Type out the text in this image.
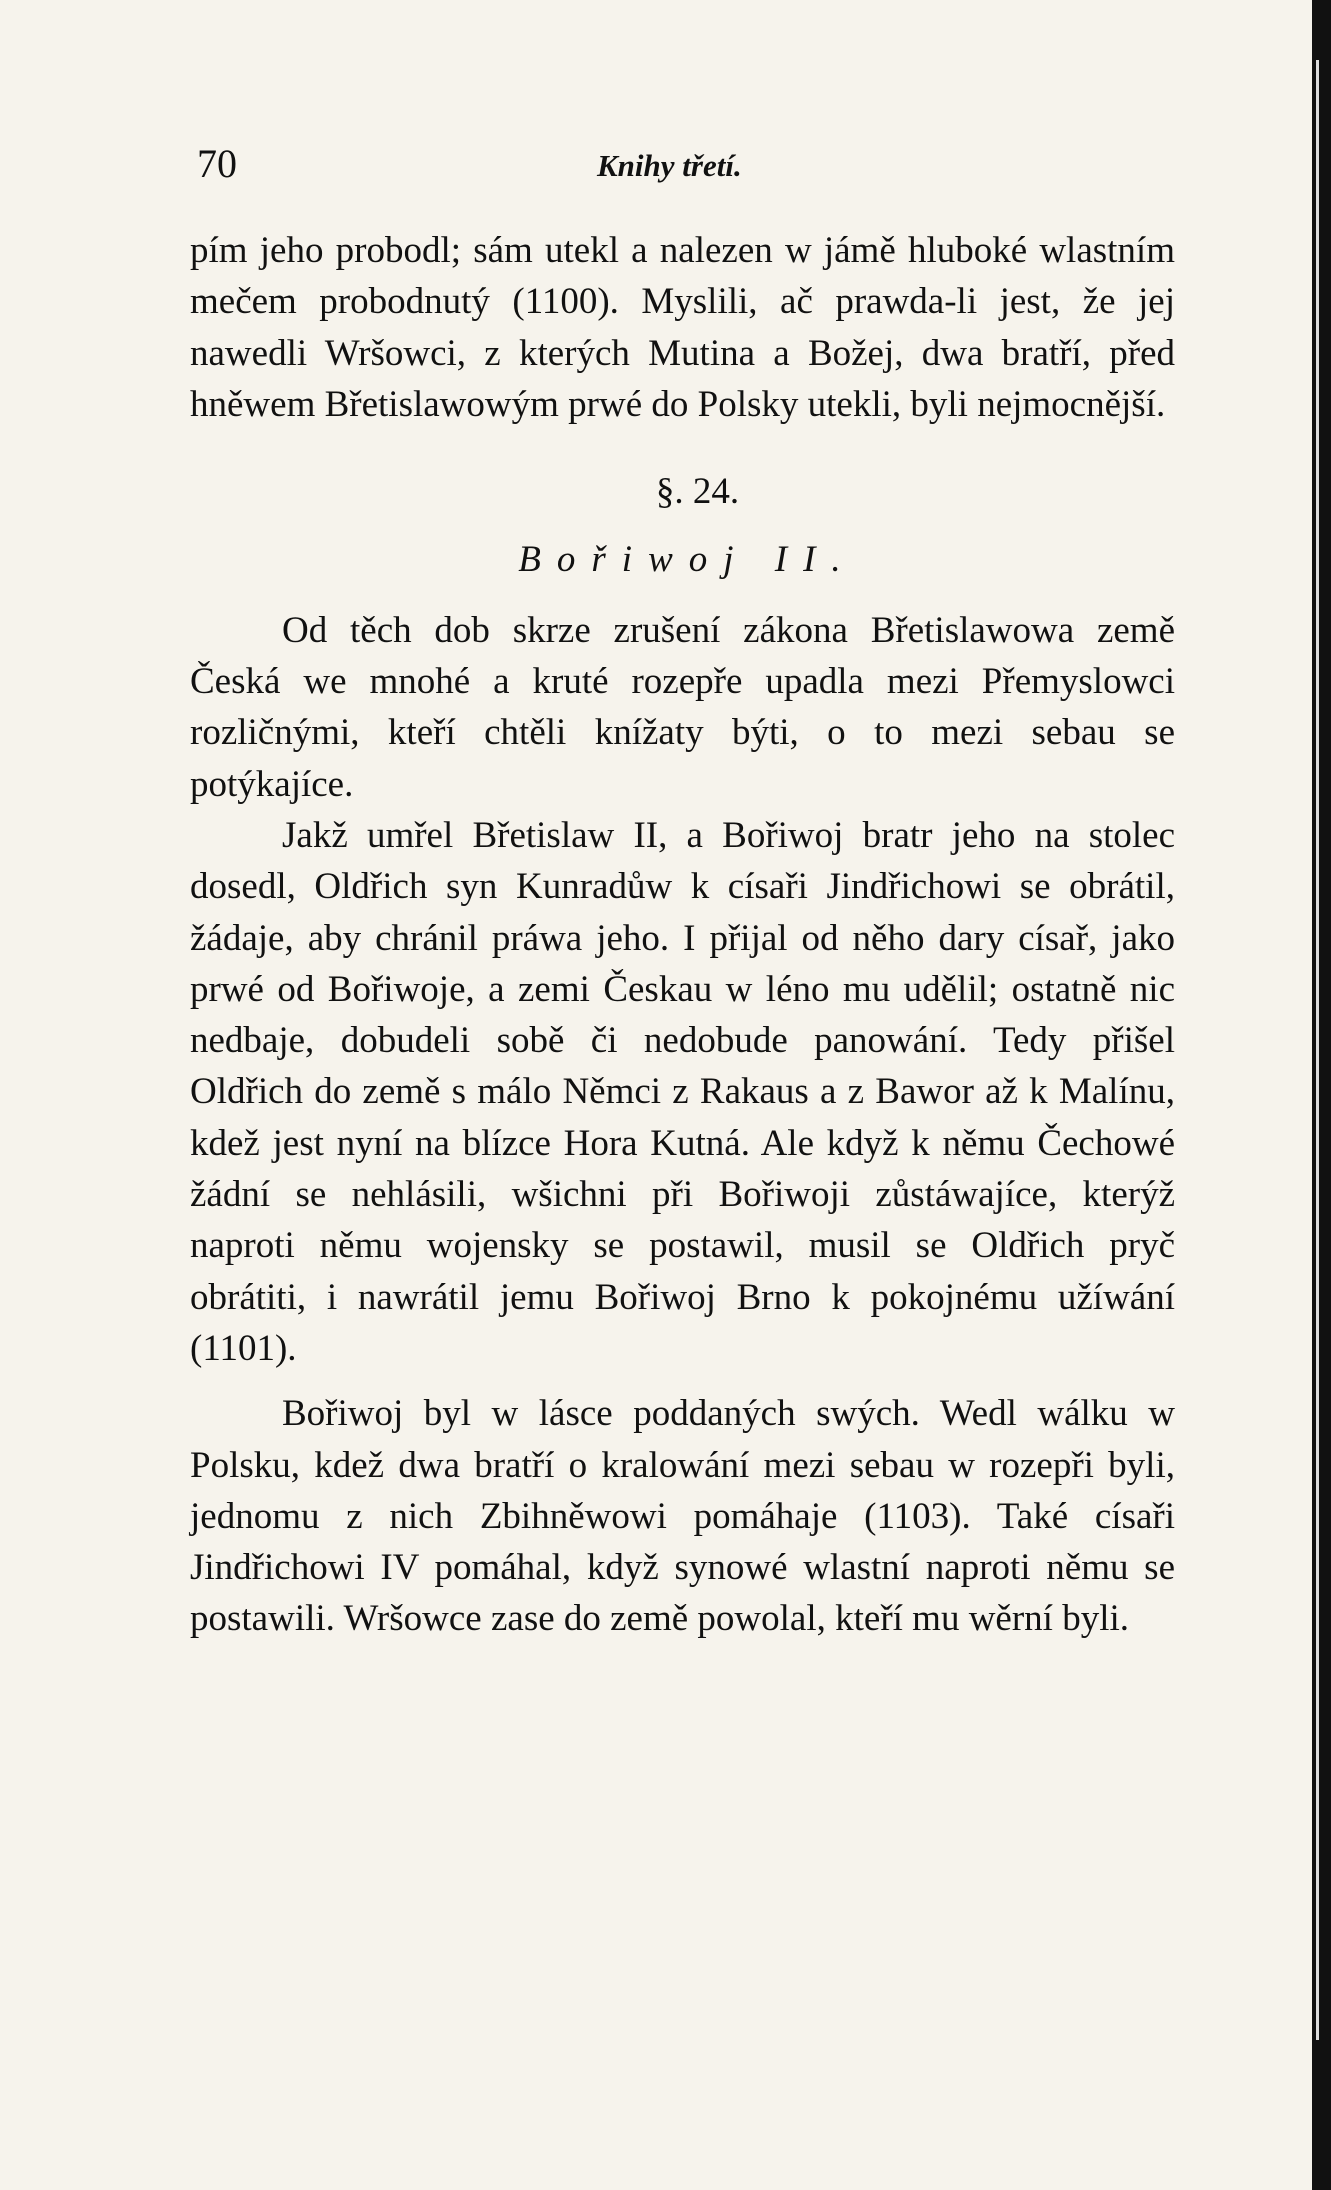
70	Knihy třetí.

pím jeho probodl; sám utekl a nalezen w jámě hluboké wlastním mečem probodnutý (1100). Myslili, ač prawda-li jest, že jej nawedli Wršowci, z kterých Mutina a Božej, dwa bratří, před hněwem Břetislawowým prwé do Polsky utekli, byli nejmocnější.

§. 24.

Bořiwoj II.

Od těch dob skrze zrušení zákona Břetislawowa země Česká we mnohé a kruté rozepře upadla mezi Přemyslowci rozličnými, kteří chtěli knížaty býti, o to mezi sebau se potýkajíce.

Jakž umřel Břetislaw II, a Bořiwoj bratr jeho na stolec dosedl, Oldřich syn Kunradůw k císaři Jindřichowi se obrátil, žádaje, aby chránil práwa jeho. I přijal od něho dary císař, jako prwé od Bořiwoje, a zemi Českau w léno mu udělil; ostatně nic nedbaje, dobudeli sobě či nedobude panowání. Tedy přišel Oldřich do země s málo Němci z Rakaus a z Bawor až k Malínu, kdež jest nyní na blízce Hora Kutná. Ale když k němu Čechowé žádní se nehlásili, wšichni při Bořiwoji zůstáwajíce, kterýž naproti němu wojensky se postawil, musil se Oldřich pryč obrátiti, i nawrátil jemu Bořiwoj Brno k pokojnému užíwání (1101).

Bořiwoj byl w lásce poddaných swých. Wedl wálku w Polsku, kdež dwa bratří o kralowání mezi sebau w rozepři byli, jednomu z nich Zbihněwowi pomáhaje (1103). Také císaři Jindřichowi IV pomáhal, když synowé wlastní naproti němu se postawili. Wršowce zase do země powolal, kteří mu wěrní byli.
